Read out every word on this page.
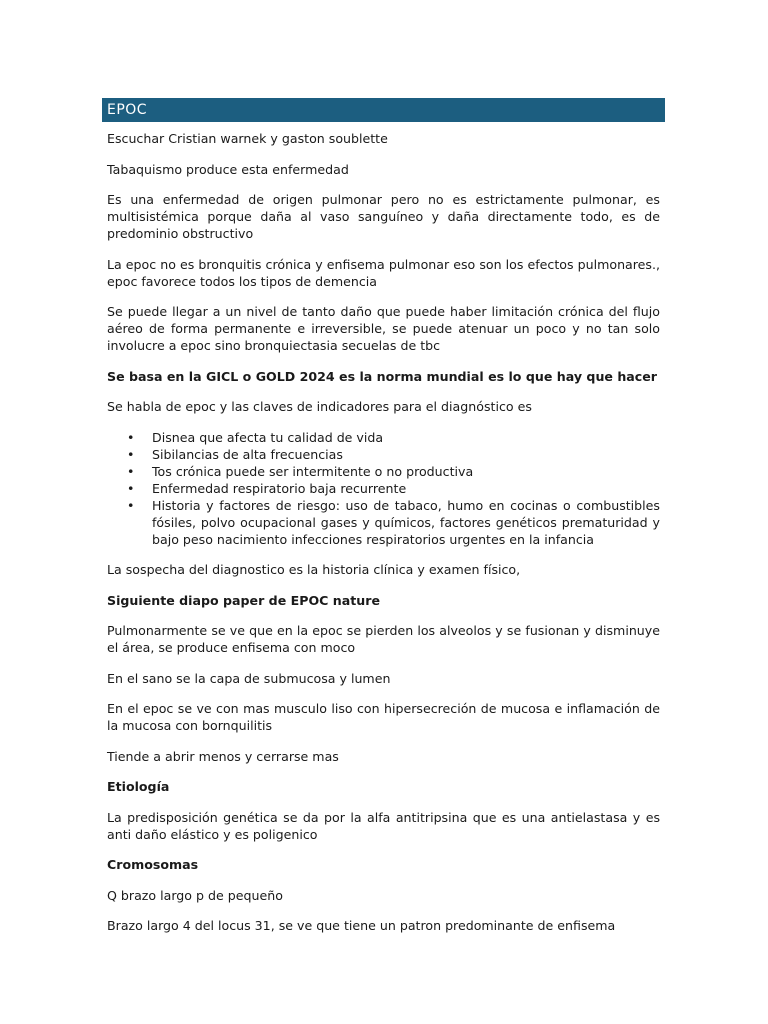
EPOC

Escuchar Cristian warnek y gaston soublette

Tabaquismo produce esta enfermedad

Es una enfermedad de origen pulmonar pero no es estrictamente pulmonar, es multisistémica porque daña al vaso sanguíneo y daña directamente todo, es de predominio obstructivo

La epoc no es bronquitis crónica y enfisema pulmonar eso son los efectos pulmonares., epoc favorece todos los tipos de demencia

Se puede llegar a un nivel de tanto daño que puede haber limitación crónica del flujo aéreo de forma permanente e irreversible, se puede atenuar un poco y no tan solo involucre a epoc sino bronquiectasia secuelas de tbc

Se basa en la GICL o GOLD 2024 es la norma mundial es lo que hay que hacer

Se habla de epoc y las claves de indicadores para el diagnóstico es

• Disnea que afecta tu calidad de vida
• Sibilancias de alta frecuencias
• Tos crónica puede ser intermitente o no productiva
• Enfermedad respiratorio baja recurrente
• Historia y factores de riesgo: uso de tabaco, humo en cocinas o combustibles fósiles, polvo ocupacional gases y químicos, factores genéticos prematuridad y bajo peso nacimiento infecciones respiratorios urgentes en la infancia

La sospecha del diagnostico es la historia clínica y examen físico,

Siguiente diapo paper de EPOC nature

Pulmonarmente se ve que en la epoc se pierden los alveolos y se fusionan y disminuye el área, se produce enfisema con moco

En el sano se la capa de submucosa y lumen

En el epoc se ve con mas musculo liso con hipersecreción de mucosa e inflamación de la mucosa con bornquilitis

Tiende a abrir menos y cerrarse mas

Etiología

La predisposición genética se da por la alfa antitripsina que es una antielastasa y es anti daño elástico y es poligenico

Cromosomas

Q brazo largo p de pequeño

Brazo largo 4 del locus 31, se ve que tiene un patron predominante de enfisema
